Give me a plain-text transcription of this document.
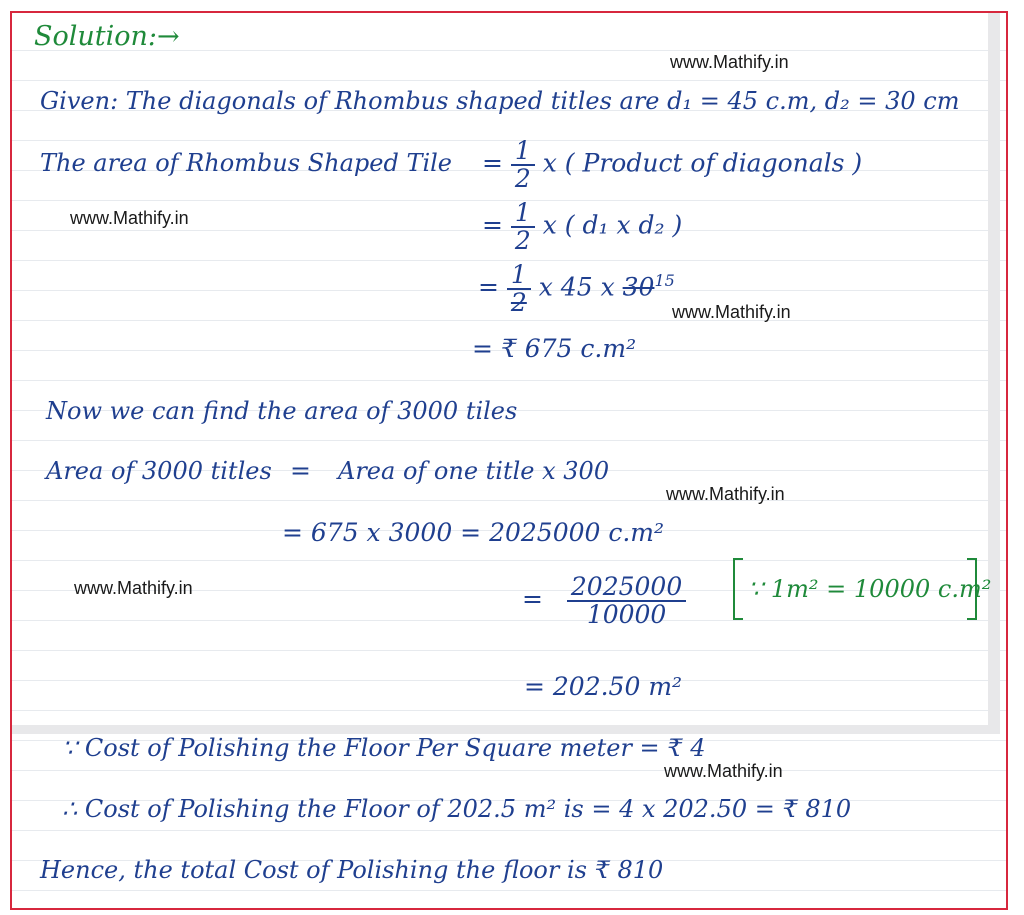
Solution:→
www.Mathify.in
Given: The diagonals of Rhombus shaped titles are d₁ = 45 c.m, d₂ = 30 cm
The area of Rhombus Shaped Tile = $\frac{1}{2}$ x ( Product of diagonals )
www.Mathify.in	= $\frac{1}{2}$ x ( d₁ x d₂ )
= $\frac{1}{2}$ x 45 x $30^{15}$
www.Mathify.in
= ₹ 675 c.m²
Now we can find the area of 3000 tiles
Area of 3000 titles = Area of one title x 300
www.Mathify.in
= 675 x 3000 = 2025000 c.m²
www.Mathify.in	= $\frac{2025000}{10000}$	∵ 1m² = 10000 c.m²
= 202.50 m²
∵ Cost of Polishing the Floor Per Square meter = ₹ 4
www.Mathify.in
∴ Cost of Polishing the Floor of 202.5 m² is = 4 x 202.50 = ₹ 810
Hence, the total Cost of Polishing the floor is ₹ 810
